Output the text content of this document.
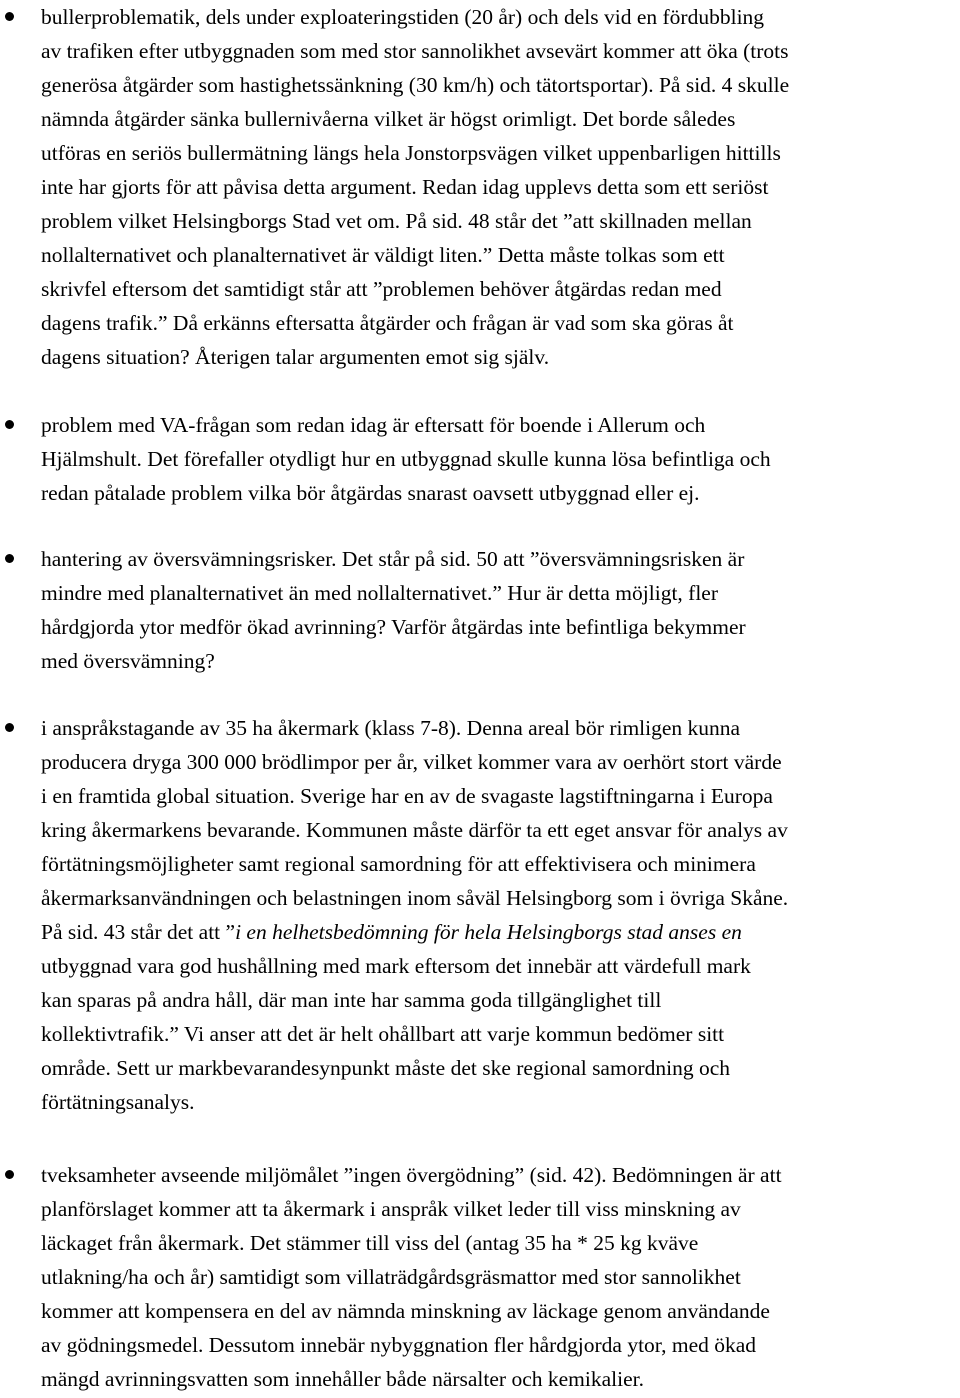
bullerproblematik, dels under exploateringstiden (20 år) och dels vid en fördubbling
av trafiken efter utbyggnaden som med stor sannolikhet avsevärt kommer att öka (trots
generösa åtgärder som hastighetssänkning (30 km/h) och tätortsportar). På sid. 4 skulle
nämnda åtgärder sänka bullernivåerna vilket är högst orimligt. Det borde således
utföras en seriös bullermätning längs hela Jonstorpsvägen vilket uppenbarligen hittills
inte har gjorts för att påvisa detta argument. Redan idag upplevs detta som ett seriöst
problem vilket Helsingborgs Stad vet om. På sid. 48 står det ”att skillnaden mellan
nollalternativet och planalternativet är väldigt liten.” Detta måste tolkas som ett
skrivfel eftersom det samtidigt står att ”problemen behöver åtgärdas redan med
dagens trafik.” Då erkänns eftersatta åtgärder och frågan är vad som ska göras åt
dagens situation? Återigen talar argumenten emot sig själv.
problem med VA-frågan som redan idag är eftersatt för boende i Allerum och
Hjälmshult. Det förefaller otydligt hur en utbyggnad skulle kunna lösa befintliga och
redan påtalade problem vilka bör åtgärdas snarast oavsett utbyggnad eller ej.
hantering av översvämningsrisker. Det står på sid. 50 att ”översvämningsrisken är
mindre med planalternativet än med nollalternativet.” Hur är detta möjligt, fler
hårdgjorda ytor medför ökad avrinning? Varför åtgärdas inte befintliga bekymmer
med översvämning?
i anspråkstagande av 35 ha åkermark (klass 7-8). Denna areal bör rimligen kunna
producera dryga 300 000 brödlimpor per år, vilket kommer vara av oerhört stort värde
i en framtida global situation. Sverige har en av de svagaste lagstiftningarna i Europa
kring åkermarkens bevarande. Kommunen måste därför ta ett eget ansvar för analys av
förtätningsmöjligheter samt regional samordning för att effektivisera och minimera
åkermarksanvändningen och belastningen inom såväl Helsingborg som i övriga Skåne.
På sid. 43 står det att ”i en helhetsbedömning för hela Helsingborgs stad anses en
utbyggnad vara god hushållning med mark eftersom det innebär att värdefull mark
kan sparas på andra håll, där man inte har samma goda tillgänglighet till
kollektivtrafik.” Vi anser att det är helt ohållbart att varje kommun bedömer sitt
område. Sett ur markbevarandesynpunkt måste det ske regional samordning och
förtätningsanalys.
tveksamheter avseende miljömålet ”ingen övergödning” (sid. 42). Bedömningen är att
planförslaget kommer att ta åkermark i anspråk vilket leder till viss minskning av
läckaget från åkermark. Det stämmer till viss del (antag 35 ha * 25 kg kväve
utlakning/ha och år) samtidigt som villaträdgårdsgräsmattor med stor sannolikhet
kommer att kompensera en del av nämnda minskning av läckage genom användande
av gödningsmedel. Dessutom innebär nybyggnation fler hårdgjorda ytor, med ökad
mängd avrinningsvatten som innehåller både närsalter och kemikalier.
